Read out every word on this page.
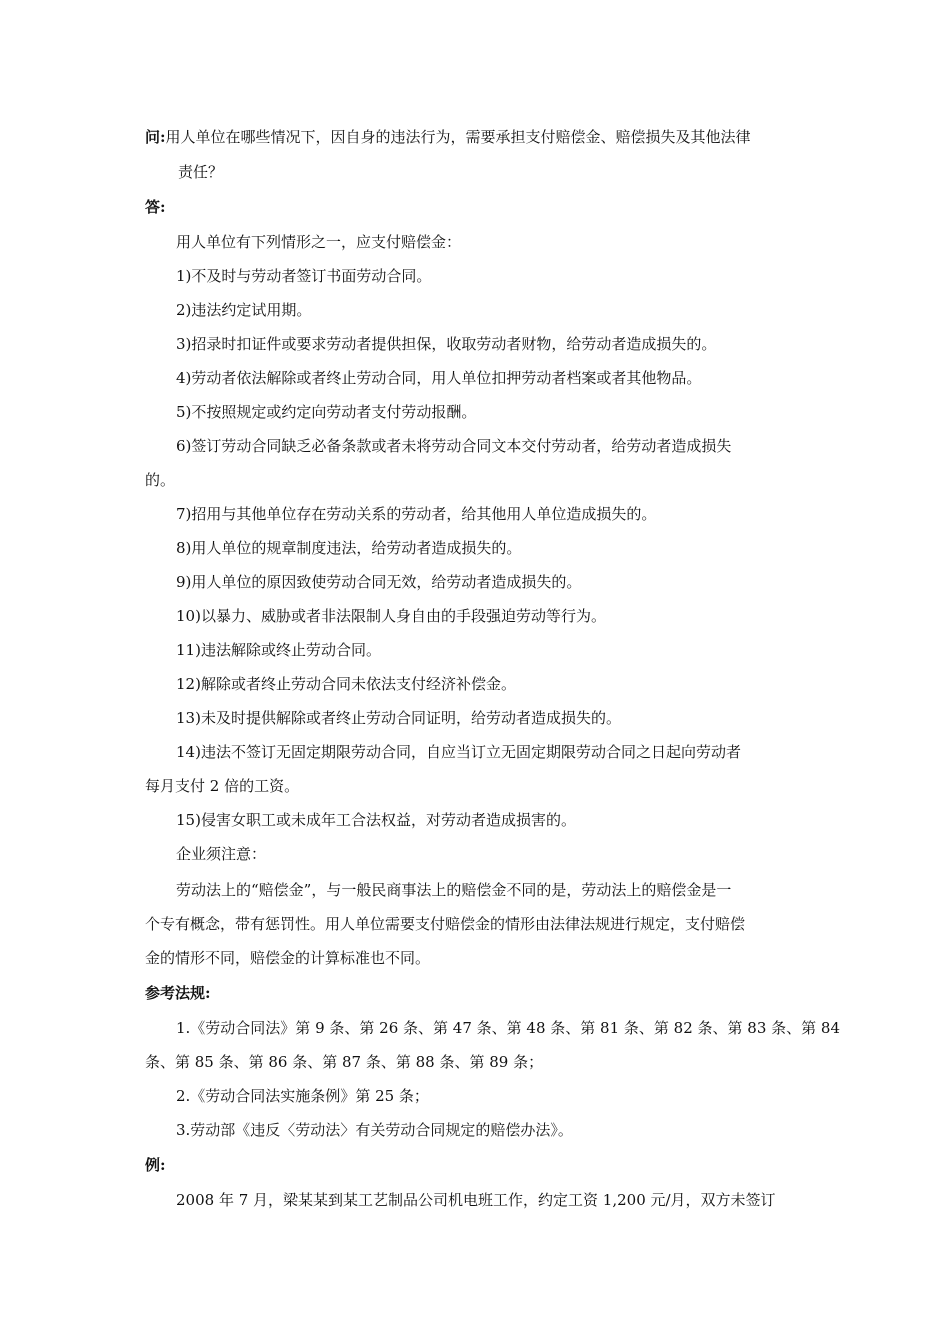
问:用人单位在哪些情况下，因自身的违法行为，需要承担支付赔偿金、赔偿损失及其他法律
责任？
答:
用人单位有下列情形之一，应支付赔偿金：
1)不及时与劳动者签订书面劳动合同。
2)违法约定试用期。
3)招录时扣证件或要求劳动者提供担保，收取劳动者财物，给劳动者造成损失的。
4)劳动者依法解除或者终止劳动合同，用人单位扣押劳动者档案或者其他物品。
5)不按照规定或约定向劳动者支付劳动报酬。
6)签订劳动合同缺乏必备条款或者未将劳动合同文本交付劳动者，给劳动者造成损失
的。
7)招用与其他单位存在劳动关系的劳动者，给其他用人单位造成损失的。
8)用人单位的规章制度违法，给劳动者造成损失的。
9)用人单位的原因致使劳动合同无效，给劳动者造成损失的。
10)以暴力、威胁或者非法限制人身自由的手段强迫劳动等行为。
11)违法解除或终止劳动合同。
12)解除或者终止劳动合同未依法支付经济补偿金。
13)未及时提供解除或者终止劳动合同证明，给劳动者造成损失的。
14)违法不签订无固定期限劳动合同，自应当订立无固定期限劳动合同之日起向劳动者
每月支付 2 倍的工资。
15)侵害女职工或未成年工合法权益，对劳动者造成损害的。
企业须注意：
劳动法上的“赔偿金”，与一般民商事法上的赔偿金不同的是，劳动法上的赔偿金是一
个专有概念，带有惩罚性。用人单位需要支付赔偿金的情形由法律法规进行规定，支付赔偿
金的情形不同，赔偿金的计算标准也不同。
参考法规:
1.《劳动合同法》第 9 条、第 26 条、第 47 条、第 48 条、第 81 条、第 82 条、第 83 条、第 84
条、第 85 条、第 86 条、第 87 条、第 88 条、第 89 条；
2.《劳动合同法实施条例》第 25 条；
3.劳动部《违反〈劳动法〉有关劳动合同规定的赔偿办法》。
例:
2008 年 7 月，梁某某到某工艺制品公司机电班工作，约定工资 1,200 元/月，双方未签订
